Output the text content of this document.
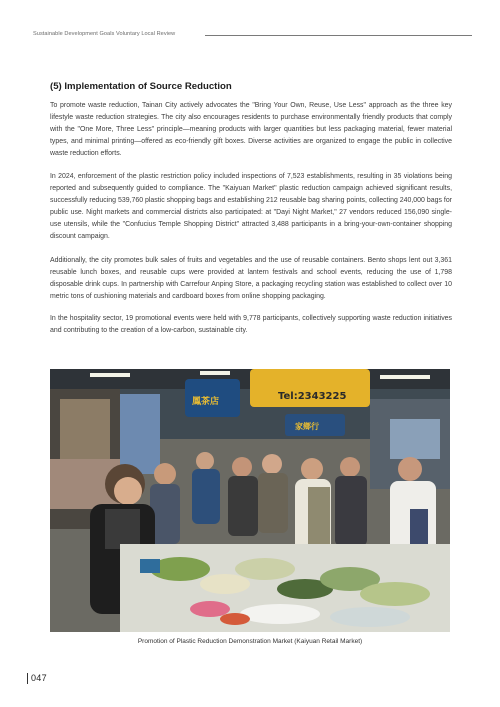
Sustainable Development Goals Voluntary Local Review
(5) Implementation of Source Reduction

To promote waste reduction, Tainan City actively advocates the "Bring Your Own, Reuse, Use Less" approach as the three key lifestyle waste reduction strategies. The city also encourages residents to purchase environmentally friendly products that comply with the "One More, Three Less" principle—meaning products with larger quantities but less packaging material, fewer material types, and minimal printing—offered as eco-friendly gift boxes. Diverse activities are organized to engage the public in collective waste reduction efforts.

In 2024, enforcement of the plastic restriction policy included inspections of 7,523 establishments, resulting in 35 violations being reported and subsequently guided to compliance. The "Kaiyuan Market" plastic reduction campaign achieved significant results, successfully reducing 539,760 plastic shopping bags and establishing 212 reusable bag sharing points, collecting 240,000 bags for public use. Night markets and commercial districts also participated: at "Dayi Night Market," 27 vendors reduced 156,090 single-use utensils, while the "Confucius Temple Shopping District" attracted 3,488 participants in a bring-your-own-container shopping discount campaign.

Additionally, the city promotes bulk sales of fruits and vegetables and the use of reusable containers. Bento shops lent out 3,361 reusable lunch boxes, and reusable cups were provided at lantern festivals and school events, reducing the use of 1,798 disposable drink cups. In partnership with Carrefour Anping Store, a packaging recycling station was established to collect over 10 metric tons of cushioning materials and cardboard boxes from online shopping packaging.

In the hospitality sector, 19 promotional events were held with 9,778 participants, collectively supporting waste reduction initiatives and contributing to the creation of a low-carbon, sustainable city.

Tel:2343225
鳳茶店
家鄉行
Promotion of Plastic Reduction Demonstration Market (Kaiyuan Retail Market)
047
